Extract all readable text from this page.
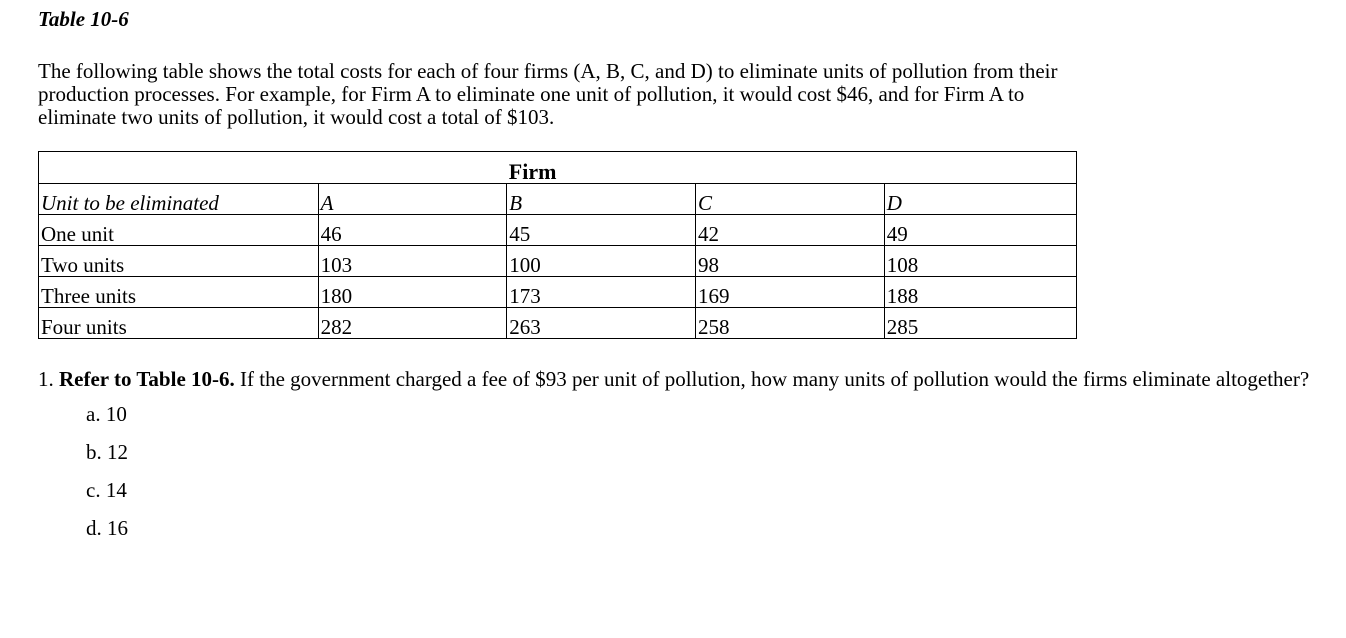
Table 10-6

The following table shows the total costs for each of four firms (A, B, C, and D) to eliminate units of pollution from their production processes. For example, for Firm A to eliminate one unit of pollution, it would cost $46, and for Firm A to eliminate two units of pollution, it would cost a total of $103.

		Firm		
Unit to be eliminated	A	B	C	D
One unit	46	45	42	49
Two units	103	100	98	108
Three units	180	173	169	188
Four units	282	263	258	285
1. Refer to Table 10-6. If the government charged a fee of $93 per unit of pollution, how many units of pollution would the firms eliminate altogether?
a. 10
b. 12
c. 14
d. 16
